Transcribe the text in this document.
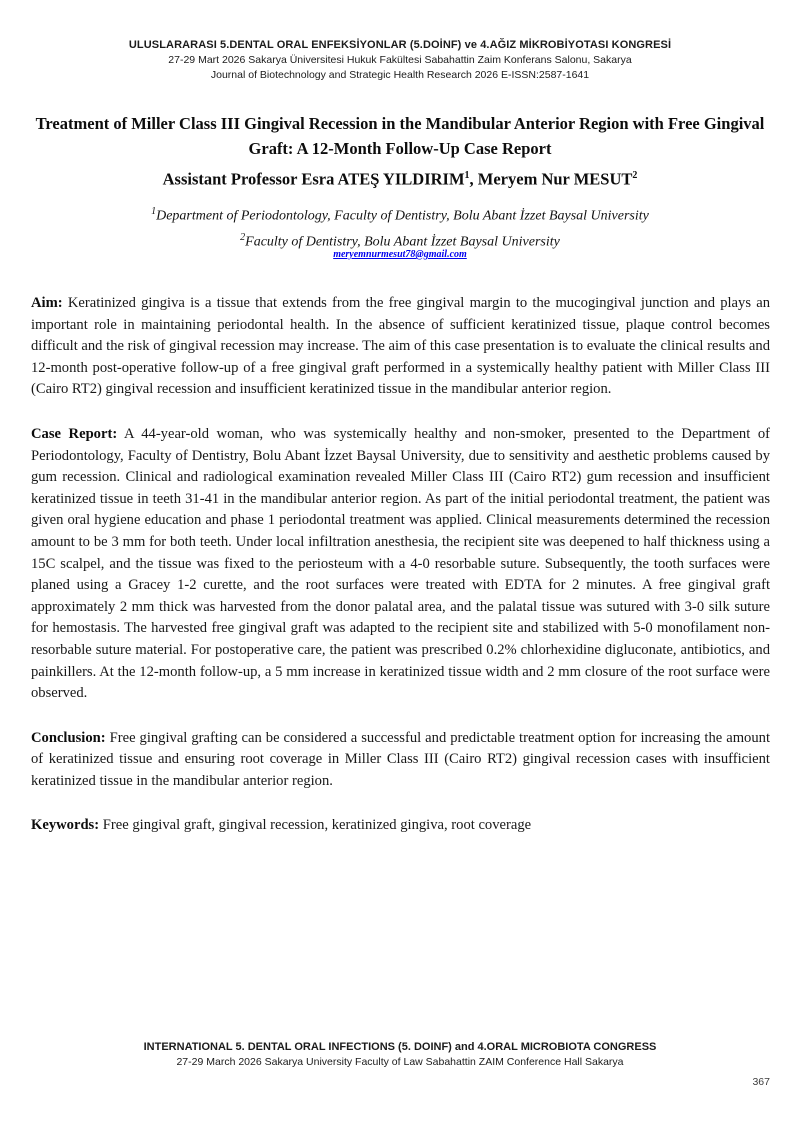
ULUSLARARASI 5.DENTAL ORAL ENFEKSİYONLAR (5.DOİNF) ve 4.AĞIZ MİKROBİYOTASI KONGRESİ
27-29 Mart 2026 Sakarya Üniversitesi Hukuk Fakültesi Sabahattin Zaim Konferans Salonu, Sakarya
Journal of Biotechnology and Strategic Health Research 2026 E-ISSN:2587-1641
Treatment of Miller Class III Gingival Recession in the Mandibular Anterior Region with Free Gingival Graft: A 12-Month Follow-Up Case Report
Assistant Professor Esra ATEŞ YILDIRIM$^1$, Meryem Nur MESUT$^2$
$^1$Department of Periodontology, Faculty of Dentistry, Bolu Abant İzzet Baysal University
$^2$Faculty of Dentistry, Bolu Abant İzzet Baysal University
meryemnurmesut78@gmail.com

Aim: Keratinized gingiva is a tissue that extends from the free gingival margin to the mucogingival junction and plays an important role in maintaining periodontal health. In the absence of sufficient keratinized tissue, plaque control becomes difficult and the risk of gingival recession may increase. The aim of this case presentation is to evaluate the clinical results and 12-month post-operative follow-up of a free gingival graft performed in a systemically healthy patient with Miller Class III (Cairo RT2) gingival recession and insufficient keratinized tissue in the mandibular anterior region.

Case Report: A 44-year-old woman, who was systemically healthy and non-smoker, presented to the Department of Periodontology, Faculty of Dentistry, Bolu Abant İzzet Baysal University, due to sensitivity and aesthetic problems caused by gum recession. Clinical and radiological examination revealed Miller Class III (Cairo RT2) gum recession and insufficient keratinized tissue in teeth 31-41 in the mandibular anterior region. As part of the initial periodontal treatment, the patient was given oral hygiene education and phase 1 periodontal treatment was applied. Clinical measurements determined the recession amount to be 3 mm for both teeth. Under local infiltration anesthesia, the recipient site was deepened to half thickness using a 15C scalpel, and the tissue was fixed to the periosteum with a 4-0 resorbable suture. Subsequently, the tooth surfaces were planed using a Gracey 1-2 curette, and the root surfaces were treated with EDTA for 2 minutes. A free gingival graft approximately 2 mm thick was harvested from the donor palatal area, and the palatal tissue was sutured with 3-0 silk suture for hemostasis. The harvested free gingival graft was adapted to the recipient site and stabilized with 5-0 monofilament non-resorbable suture material. For postoperative care, the patient was prescribed 0.2% chlorhexidine digluconate, antibiotics, and painkillers. At the 12-month follow-up, a 5 mm increase in keratinized tissue width and 2 mm closure of the root surface were observed.

Conclusion: Free gingival grafting can be considered a successful and predictable treatment option for increasing the amount of keratinized tissue and ensuring root coverage in Miller Class III (Cairo RT2) gingival recession cases with insufficient keratinized tissue in the mandibular anterior region.

Keywords: Free gingival graft, gingival recession, keratinized gingiva, root coverage

INTERNATIONAL 5. DENTAL ORAL INFECTIONS (5. DOINF) and 4.ORAL MICROBIOTA CONGRESS
27-29 March 2026 Sakarya University Faculty of Law Sabahattin ZAIM Conference Hall Sakarya
367
